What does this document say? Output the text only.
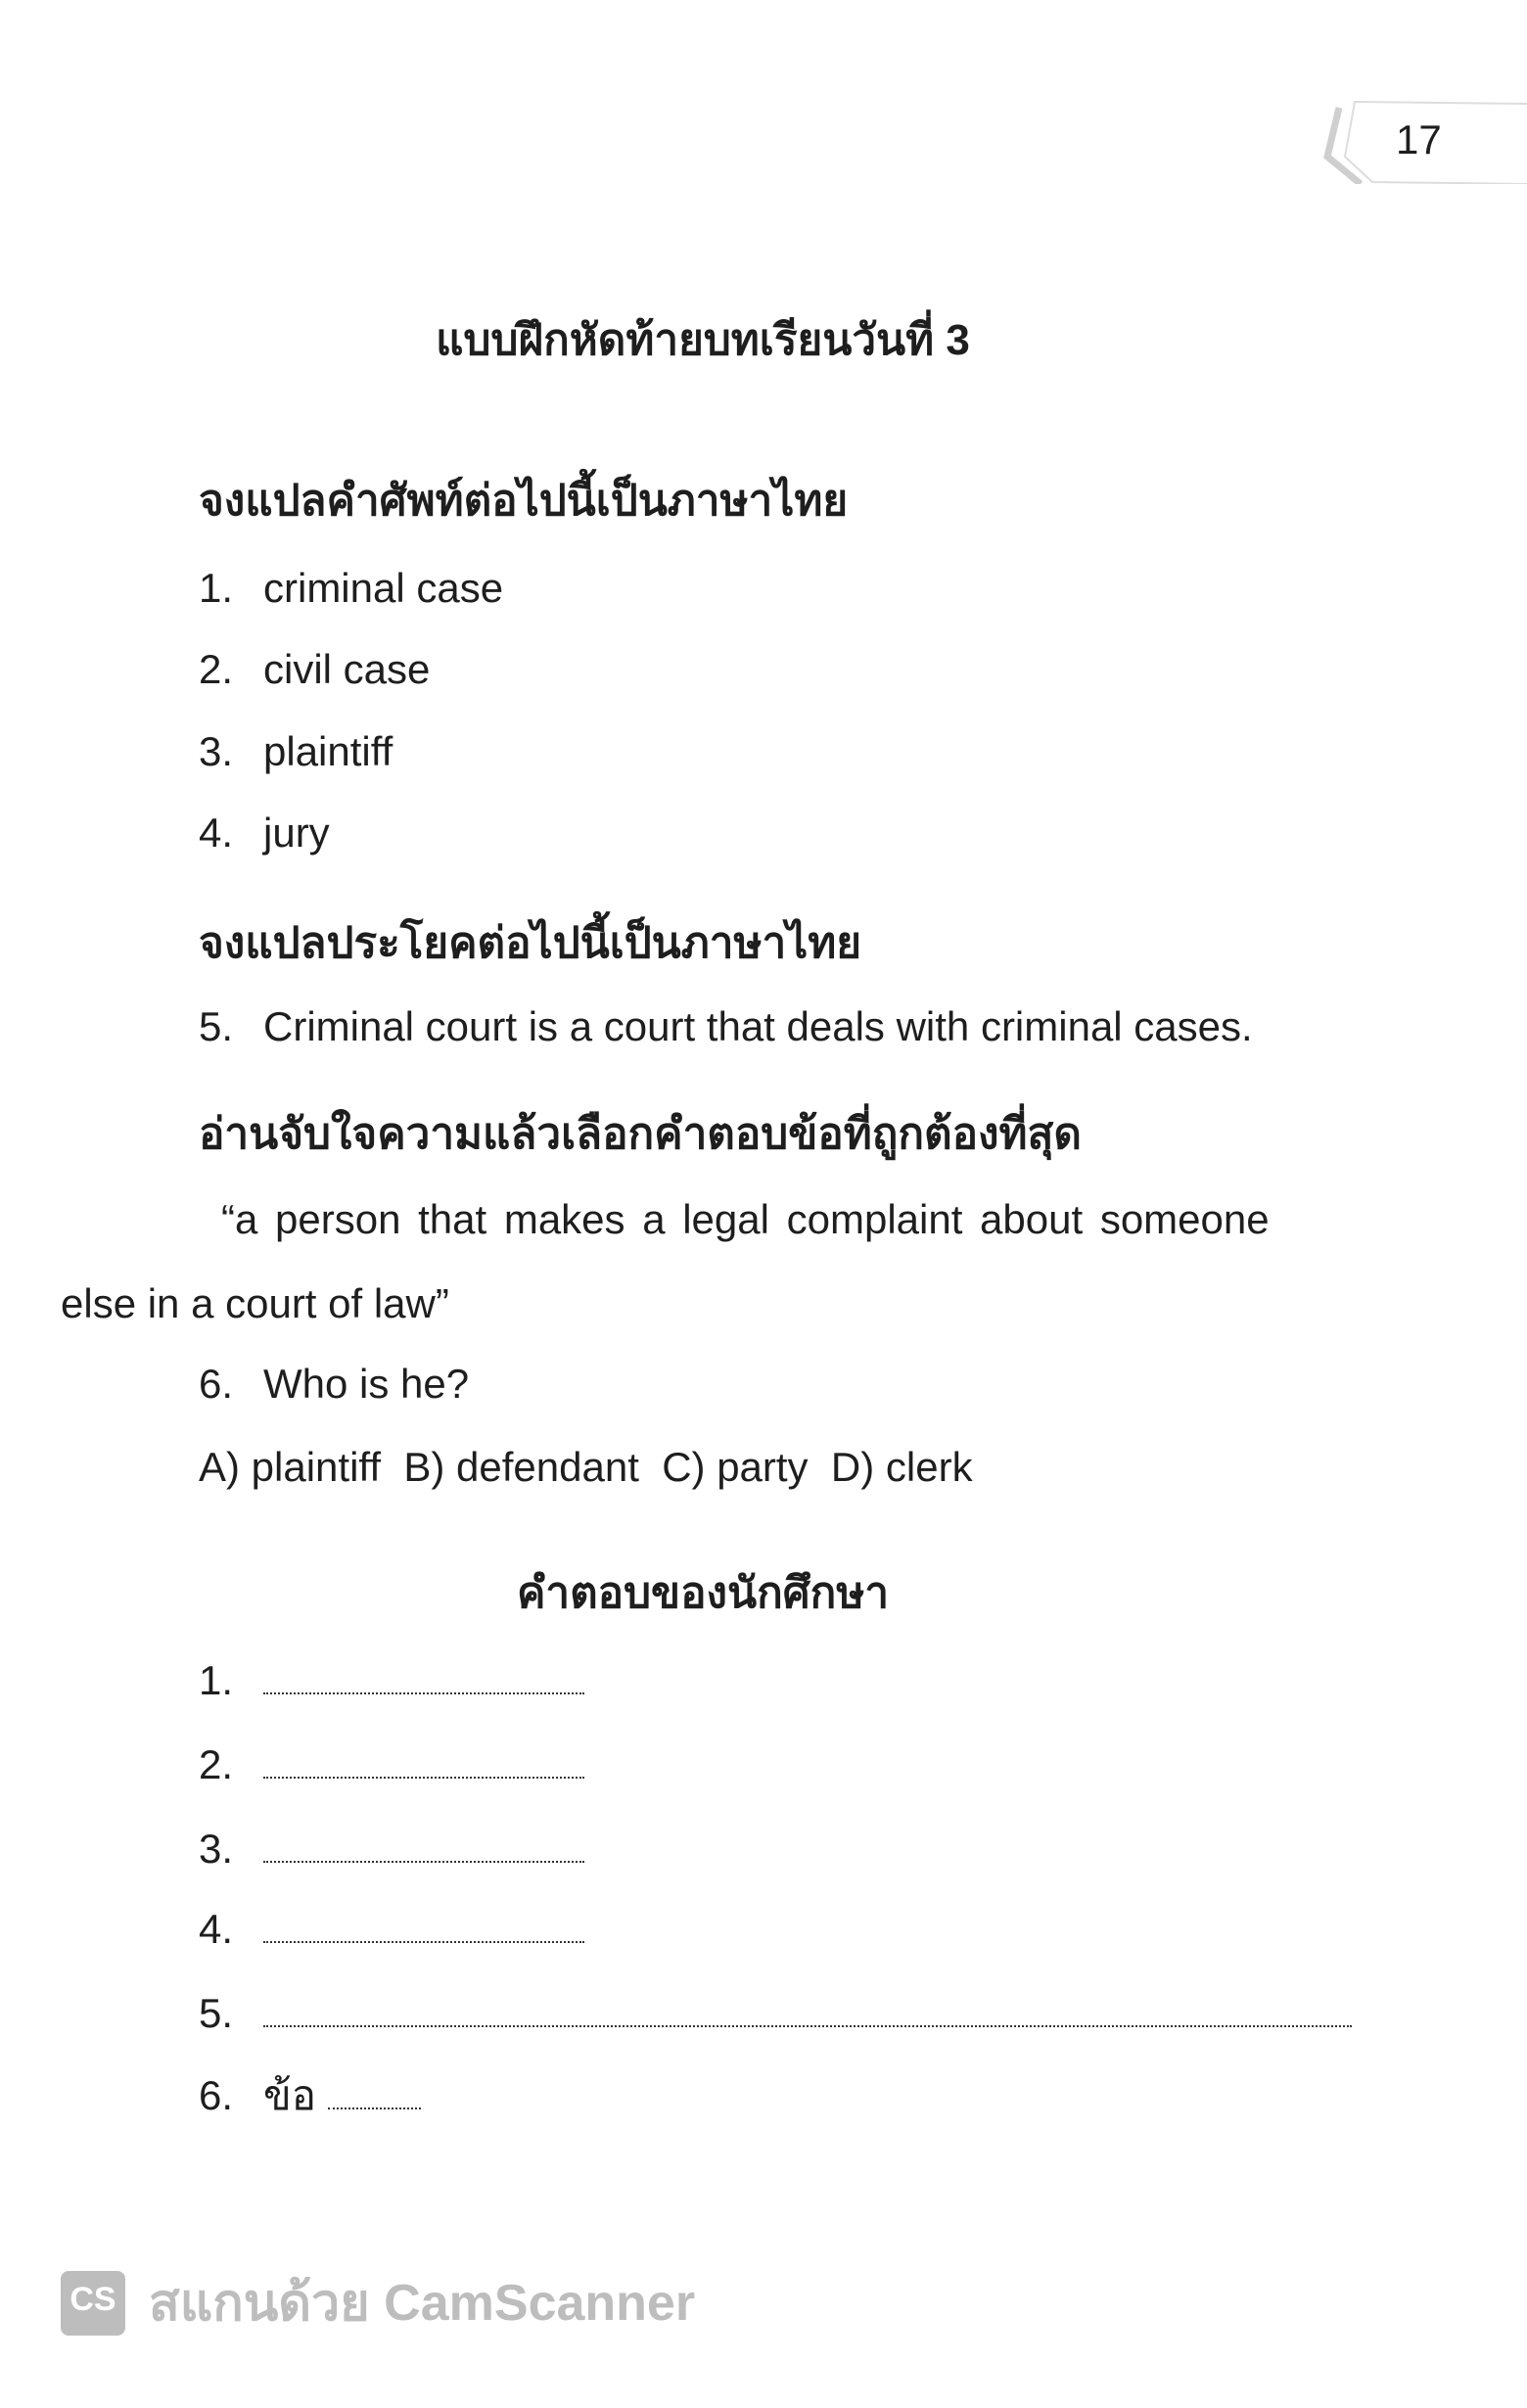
17
แบบฝึกหัดท้ายบทเรียนวันที่ 3
จงแปลคำศัพท์ต่อไปนี้เป็นภาษาไทย
1. criminal case
2. civil case
3. plaintiff
4. jury
จงแปลประโยคต่อไปนี้เป็นภาษาไทย
5. Criminal court is a court that deals with criminal cases.
อ่านจับใจความแล้วเลือกคำตอบข้อที่ถูกต้องที่สุด
“a person that makes a legal complaint about someone
else in a court of law”
6. Who is he?
A) plaintiff B) defendant C) party D) clerk
คำตอบของนักศึกษา
1.
2.
3.
4.
5.
6. ข้อ
CS สแกนด้วย CamScanner
